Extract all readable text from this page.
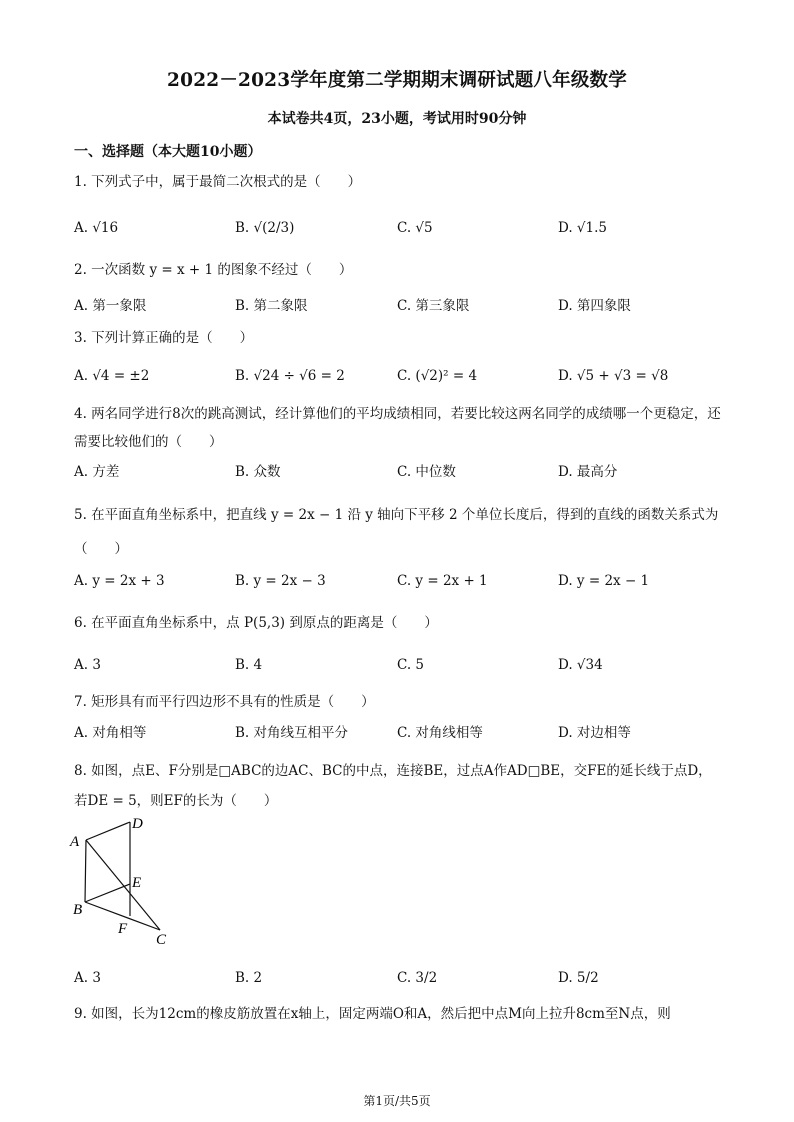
2022－2023学年度第二学期期末调研试题八年级数学
本试卷共4页，23小题，考试用时90分钟
一、选择题（本大题10小题）
1. 下列式子中，属于最简二次根式的是（　　）
A. √16	B. √(2/3)	C. √5	D. √1.5
2. 一次函数 y = x + 1 的图象不经过（　　）
A. 第一象限	B. 第二象限	C. 第三象限	D. 第四象限
3. 下列计算正确的是（　　）
A. √4 = ±2	B. √24 ÷ √6 = 2	C. (√2)² = 4	D. √5 + √3 = √8
4. 两名同学进行8次的跳高测试，经计算他们的平均成绩相同，若要比较这两名同学的成绩哪一个更稳定，还需要比较他们的（　　）
A. 方差	B. 众数	C. 中位数	D. 最高分
5. 在平面直角坐标系中，把直线 y = 2x − 1 沿 y 轴向下平移 2 个单位长度后，得到的直线的函数关系式为（　　）
A. y = 2x + 3	B. y = 2x − 3	C. y = 2x + 1	D. y = 2x − 1
6. 在平面直角坐标系中，点 P(5,3) 到原点的距离是（　　）
A. 3	B. 4	C. 5	D. √34
7. 矩形具有而平行四边形不具有的性质是（　　）
A. 对角相等	B. 对角线互相平分	C. 对角线相等	D. 对边相等
8. 如图，点E、F分别是□ABC的边AC、BC的中点，连接BE，过点A作AD□BE，交FE的延长线于点D，若DE = 5，则EF的长为（　　）
D
A
E
B
F
C
A. 3	B. 2	C. 3/2	D. 5/2
9. 如图，长为12cm的橡皮筋放置在x轴上，固定两端O和A，然后把中点M向上拉升8cm至N点，则
第1页/共5页
